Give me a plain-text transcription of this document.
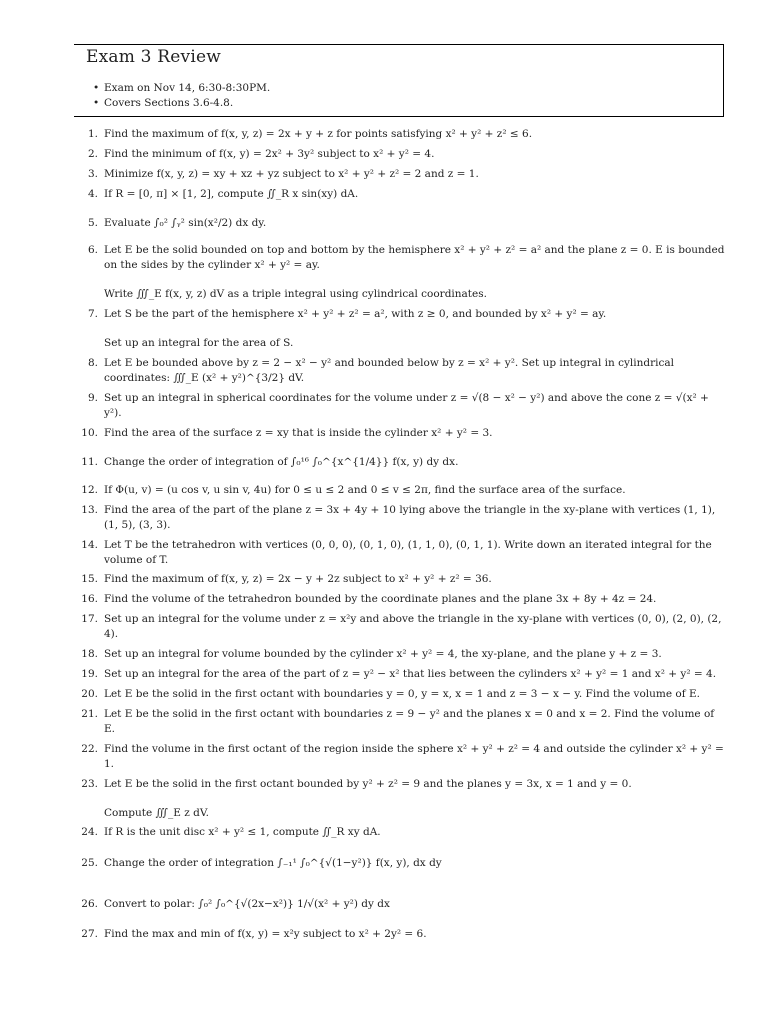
Exam 3 Review
• Exam on Nov 14, 6:30-8:30PM.
• Covers Sections 3.6-4.8.
1. Find the maximum of f(x, y, z) = 2x + y + z for points satisfying x² + y² + z² ≤ 6.
2. Find the minimum of f(x, y) = 2x² + 3y² subject to x² + y² = 4.
3. Minimize f(x, y, z) = xy + xz + yz subject to x² + y² + z² = 2 and z = 1.
4. If R = [0, π] × [1, 2], compute ∬_R x sin(xy) dA.
5. Evaluate ∫₀² ∫ᵧ² sin(x²/2) dx dy.
6. Let E be the solid bounded on top and bottom by the hemisphere x² + y² + z² = a² and the plane z = 0. E is bounded on the sides by the cylinder x² + y² = ay.
Write ∭_E f(x, y, z) dV as a triple integral using cylindrical coordinates.
7. Let S be the part of the hemisphere x² + y² + z² = a², with z ≥ 0, and bounded by x² + y² = ay.
Set up an integral for the area of S.
8. Let E be bounded above by z = 2 − x² − y² and bounded below by z = x² + y². Set up integral in cylindrical coordinates: ∭_E (x² + y²)^{3/2} dV.
9. Set up an integral in spherical coordinates for the volume under z = √(8 − x² − y²) and above the cone z = √(x² + y²).
10. Find the area of the surface z = xy that is inside the cylinder x² + y² = 3.
11. Change the order of integration of ∫₀¹⁶ ∫₀^{x^{1/4}} f(x, y) dy dx.
12. If Φ(u, v) = (u cos v, u sin v, 4u) for 0 ≤ u ≤ 2 and 0 ≤ v ≤ 2π, find the surface area of the surface.
13. Find the area of the part of the plane z = 3x + 4y + 10 lying above the triangle in the xy-plane with vertices (1, 1), (1, 5), (3, 3).
14. Let T be the tetrahedron with vertices (0, 0, 0), (0, 1, 0), (1, 1, 0), (0, 1, 1). Write down an iterated integral for the volume of T.
15. Find the maximum of f(x, y, z) = 2x − y + 2z subject to x² + y² + z² = 36.
16. Find the volume of the tetrahedron bounded by the coordinate planes and the plane 3x + 8y + 4z = 24.
17. Set up an integral for the volume under z = x²y and above the triangle in the xy-plane with vertices (0, 0), (2, 0), (2, 4).
18. Set up an integral for volume bounded by the cylinder x² + y² = 4, the xy-plane, and the plane y + z = 3.
19. Set up an integral for the area of the part of z = y² − x² that lies between the cylinders x² + y² = 1 and x² + y² = 4.
20. Let E be the solid in the first octant with boundaries y = 0, y = x, x = 1 and z = 3 − x − y. Find the volume of E.
21. Let E be the solid in the first octant with boundaries z = 9 − y² and the planes x = 0 and x = 2. Find the volume of E.
22. Find the volume in the first octant of the region inside the sphere x² + y² + z² = 4 and outside the cylinder x² + y² = 1.
23. Let E be the solid in the first octant bounded by y² + z² = 9 and the planes y = 3x, x = 1 and y = 0.
Compute ∭_E z dV.
24. If R is the unit disc x² + y² ≤ 1, compute ∬_R xy dA.
25. Change the order of integration ∫₋₁¹ ∫₀^{√(1−y²)} f(x, y), dx dy
26. Convert to polar: ∫₀² ∫₀^{√(2x−x²)} 1/√(x² + y²) dy dx
27. Find the max and min of f(x, y) = x²y subject to x² + 2y² = 6.
